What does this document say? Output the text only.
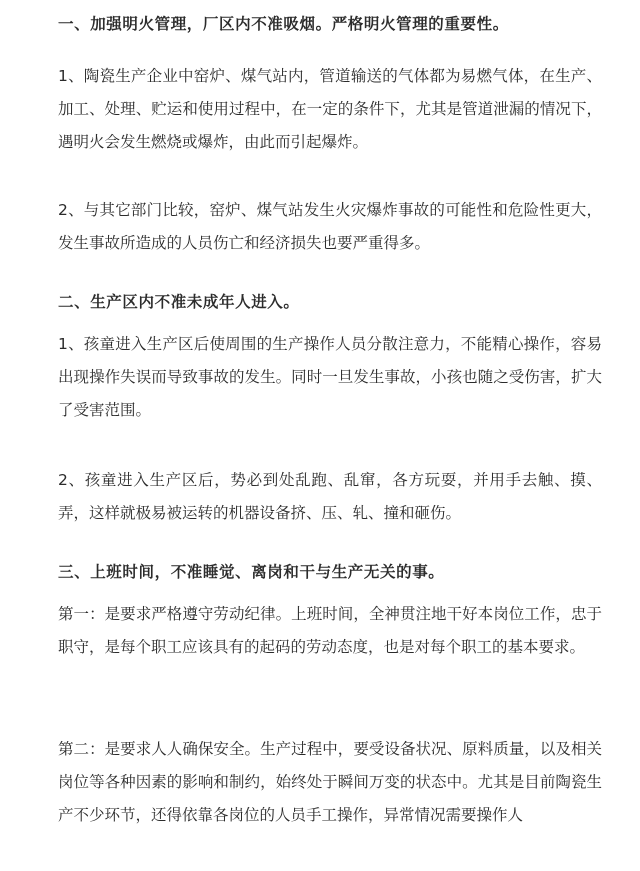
一、加强明火管理，厂区内不准吸烟。严格明火管理的重要性。

1、陶瓷生产企业中窑炉、煤气站内，管道输送的气体都为易燃气体，在生产、加工、处理、贮运和使用过程中，在一定的条件下，尤其是管道泄漏的情况下，遇明火会发生燃烧或爆炸，由此而引起爆炸。

2、与其它部门比较，窑炉、煤气站发生火灾爆炸事故的可能性和危险性更大，发生事故所造成的人员伤亡和经济损失也要严重得多。

二、生产区内不准未成年人进入。

1、孩童进入生产区后使周围的生产操作人员分散注意力，不能精心操作，容易出现操作失误而导致事故的发生。同时一旦发生事故，小孩也随之受伤害，扩大了受害范围。

2、孩童进入生产区后，势必到处乱跑、乱窜，各方玩耍，并用手去触、摸、弄，这样就极易被运转的机器设备挤、压、轧、撞和砸伤。

三、上班时间，不准睡觉、离岗和干与生产无关的事。

第一：是要求严格遵守劳动纪律。上班时间，全神贯注地干好本岗位工作，忠于职守，是每个职工应该具有的起码的劳动态度，也是对每个职工的基本要求。

第二：是要求人人确保安全。生产过程中，要受设备状况、原料质量，以及相关岗位等各种因素的影响和制约，始终处于瞬间万变的状态中。尤其是目前陶瓷生产不少环节，还得依靠各岗位的人员手工操作，异常情况需要操作人
